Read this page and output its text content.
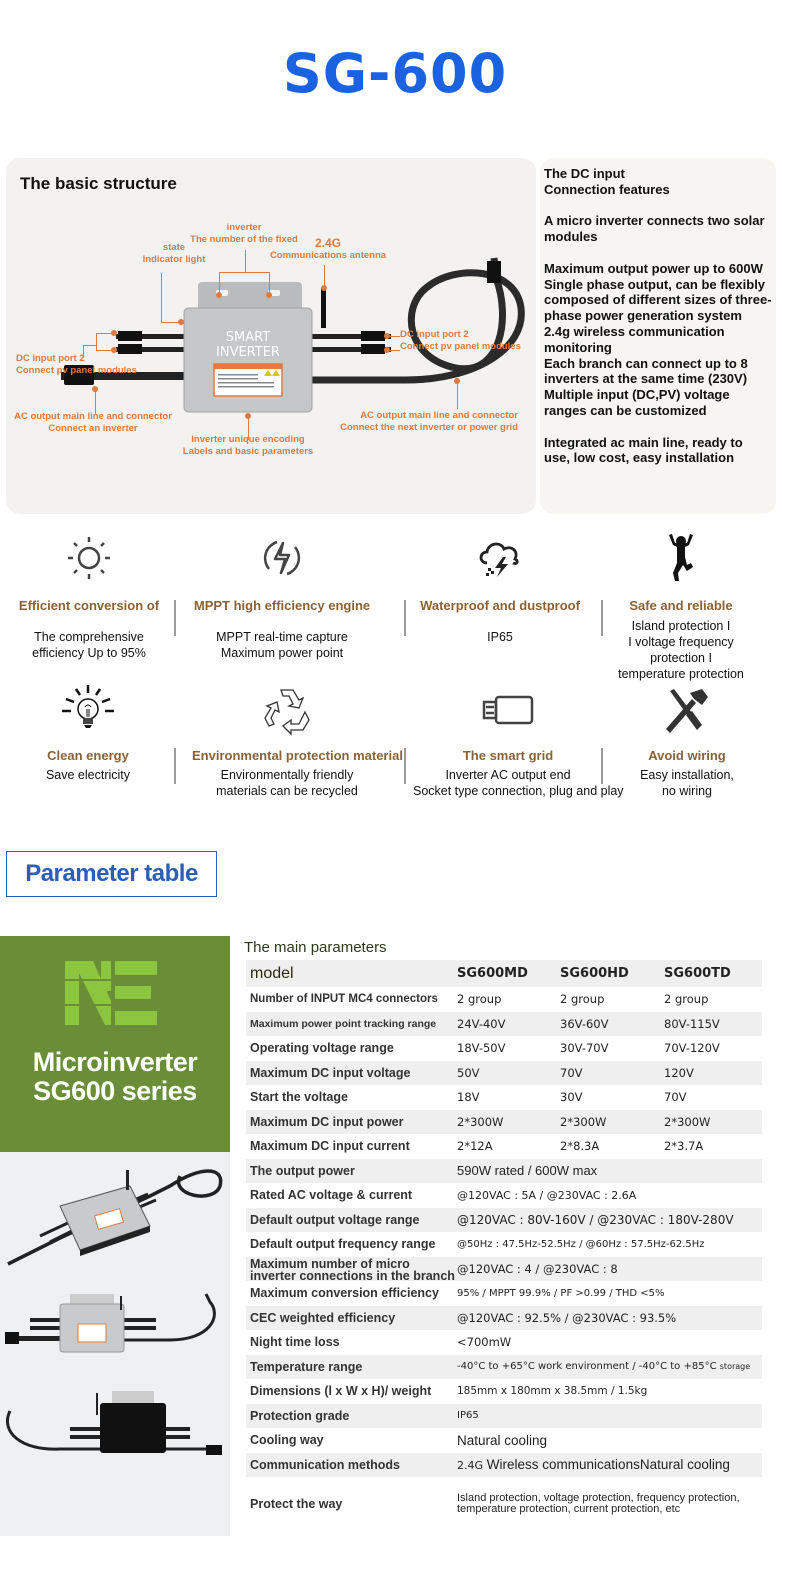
SG-600
The basic structure
SMART
INVERTER
state
Indicator light
inverter
The number of the fixed	2.4G
Communications antenna
DC input port 2
Connect pv panel modules
DC input port 2
Connect pv panel modules
AC output main line and connector
Connect an inverter
AC output main line and connector
Connect the next inverter or power grid
Inverter unique encoding
Labels and basic parameters

The DC input
Connection features

A micro inverter connects two solar modules

Maximum output power up to 600W

Single phase output, can be flexibly composed of different sizes of three-phase power generation system

2.4g wireless communication monitoring

Each branch can connect up to 8 inverters at the same time (230V)

Multiple input (DC,PV) voltage ranges can be customized

Integrated ac main line, ready to use, low cost, easy installation

Efficient conversion of
The comprehensive
efficiency Up to 95%
MPPT high efficiency engine
MPPT real-time capture
Maximum power point
Waterproof and dustproof
IP65
Safe and reliable
Island protection I
I voltage frequency
protection I
temperature protection
Clean energy
Save electricity
Environmental protection material
Environmentally friendly
materials can be recycled
The smart grid
Inverter AC output end
Socket type connection, plug and play
Avoid wiring
Easy installation,
no wiring
Parameter table
Microinverter
SG600 series
The main parameters
model	SG600MD SG600HD	SG600TD
Number of INPUT MC4 connectors 2 group	2 group	2 group
Maximum power point tracking range 24V-40V	36V-60V	80V-115V
Operating voltage range	18V-50V	30V-70V	70V-120V
Maximum DC input voltage	50V	70V	120V
Start the voltage	18V	30V	70V
Maximum DC input power	2*300W	2*300W	2*300W
Maximum DC input current	2*12A	2*8.3A	2*3.7A
The output power	590W rated / 600W max
Rated AC voltage & current	@120VAC : 5A / @230VAC : 2.6A
Default output voltage range	@120VAC : 80V-160V / @230VAC : 180V-280V
Default output frequency range @50Hz : 47.5Hz-52.5Hz / @60Hz : 57.5Hz-62.5Hz
Maximum number of micro
inverter connections in the branch @120VAC : 4 / @230VAC : 8
Maximum conversion efficiency 95% / MPPT 99.9% / PF >0.99 / THD <5%
CEC weighted efficiency	@120VAC : 92.5% / @230VAC : 93.5%
Night time loss	<700mW
Temperature range	-40°C to +65°C work environment / -40°C to +85°C storage
Dimensions (l x W x H)/ weight 185mm x 180mm x 38.5mm / 1.5kg
Protection grade	IP65
Cooling way	Natural cooling
Communication methods	2.4G Wireless communicationsNatural cooling
Protect the way	Island protection, voltage protection, frequency protection, temperature protection, current protection, etc
